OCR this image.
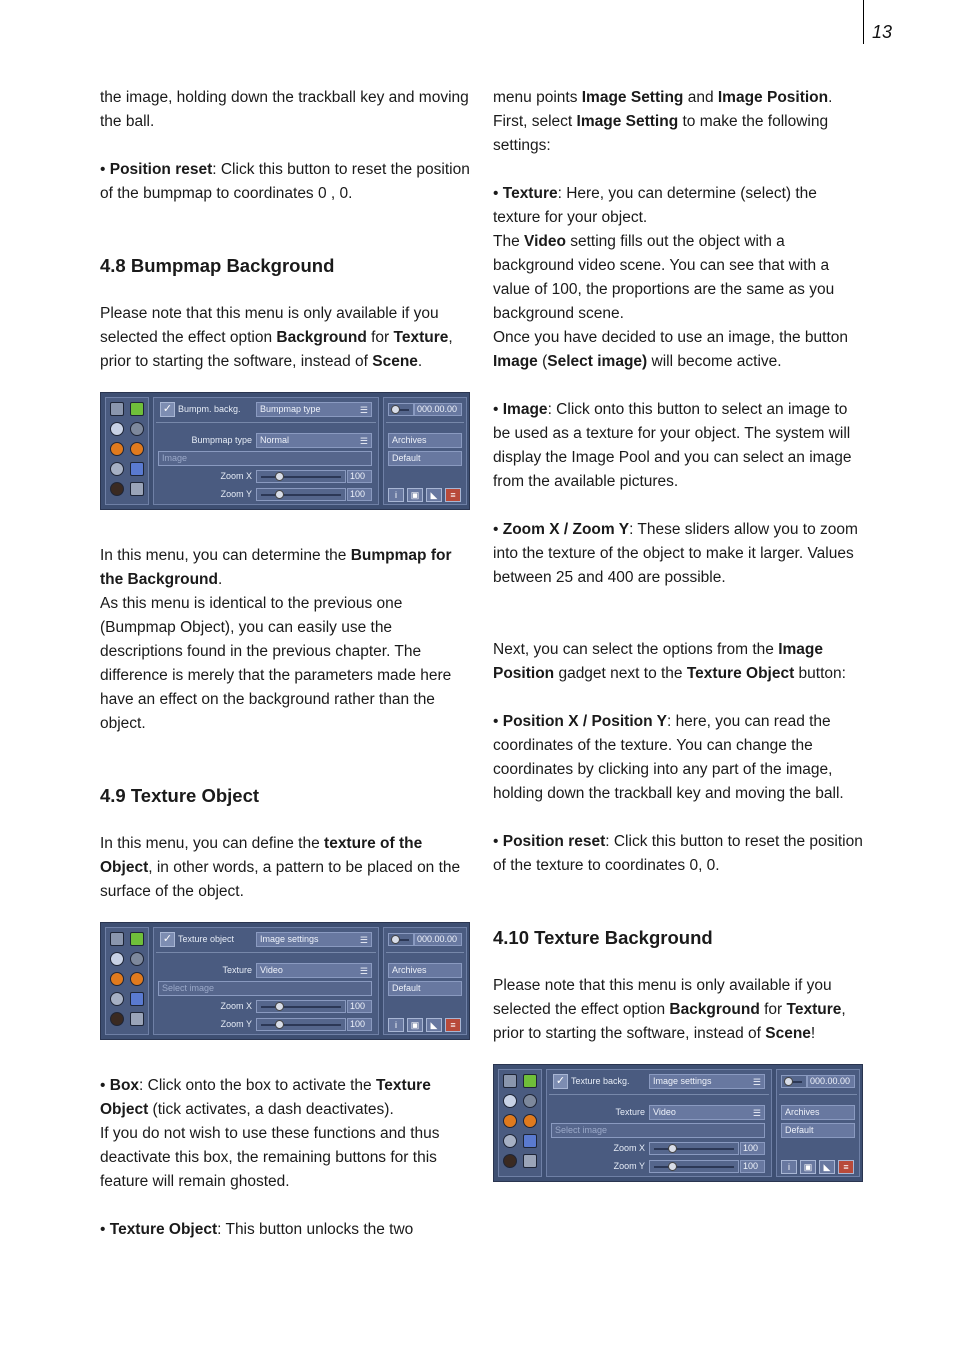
13

the image, holding down the trackball key and moving the ball.

• Position reset: Click this button to reset the position of the bumpmap to coordinates 0 , 0.

4.8 Bumpmap Background

Please note that this menu is only available if you selected the effect option Background for Texture, prior to starting the software, instead of Scene.

✓ Bumpm. backg.	Bumpmap type	☰
Bumpmap type Normal	☰
Image
Zoom X	100
Zoom Y	100
000.00.00
Archives
Default
i	▣	◣	≡

In this menu, you can determine the Bumpmap for the Background.

As this menu is identical to the previous one (Bumpmap Object), you can easily use the descriptions found in the previous chapter. The difference is merely that the parameters made here have an effect on the background rather than the object.

4.9 Texture Object

In this menu, you can define the texture of the Object, in other words, a pattern to be placed on the surface of the object.

✓ Texture object	Image settings	☰
Texture Video	☰
Select image
Zoom X	100
Zoom Y	100
000.00.00
Archives
Default
i	▣	◣	≡

• Box: Click onto the box to activate the Texture Object (tick activates, a dash deactivates).

If you do not wish to use these functions and thus deactivate this box, the remaining buttons for this feature will remain ghosted.

• Texture Object: This button unlocks the two

menu points Image Setting and Image Position. First, select Image Setting to make the following settings:

• Texture: Here, you can determine (select) the texture for your object.

The Video setting fills out the object with a background video scene. You can see that with a value of 100, the proportions are the same as you background scene.

Once you have decided to use an image, the button Image (Select image) will become active.

• Image: Click onto this button to select an image to be used as a texture for your object. The system will display the Image Pool and you can select an image from the available pictures.

• Zoom X / Zoom Y: These sliders allow you to zoom into the texture of the object to make it larger. Values between 25 and 400 are possible.

Next, you can select the options from the Image Position gadget next to the Texture Object button:

• Position X / Position Y: here, you can read the coordinates of the texture. You can change the coordinates by clicking into any part of the image, holding down the trackball key and moving the ball.

• Position reset: Click this button to reset the position of the texture to coordinates 0, 0.

4.10 Texture Background

Please note that this menu is only available if you selected the effect option Background for Texture, prior to starting the software, instead of Scene!

✓ Texture backg.	Image settings	☰
Texture Video	☰
Select image
Zoom X	100
Zoom Y	100
000.00.00
Archives
Default
i	▣	◣	≡
